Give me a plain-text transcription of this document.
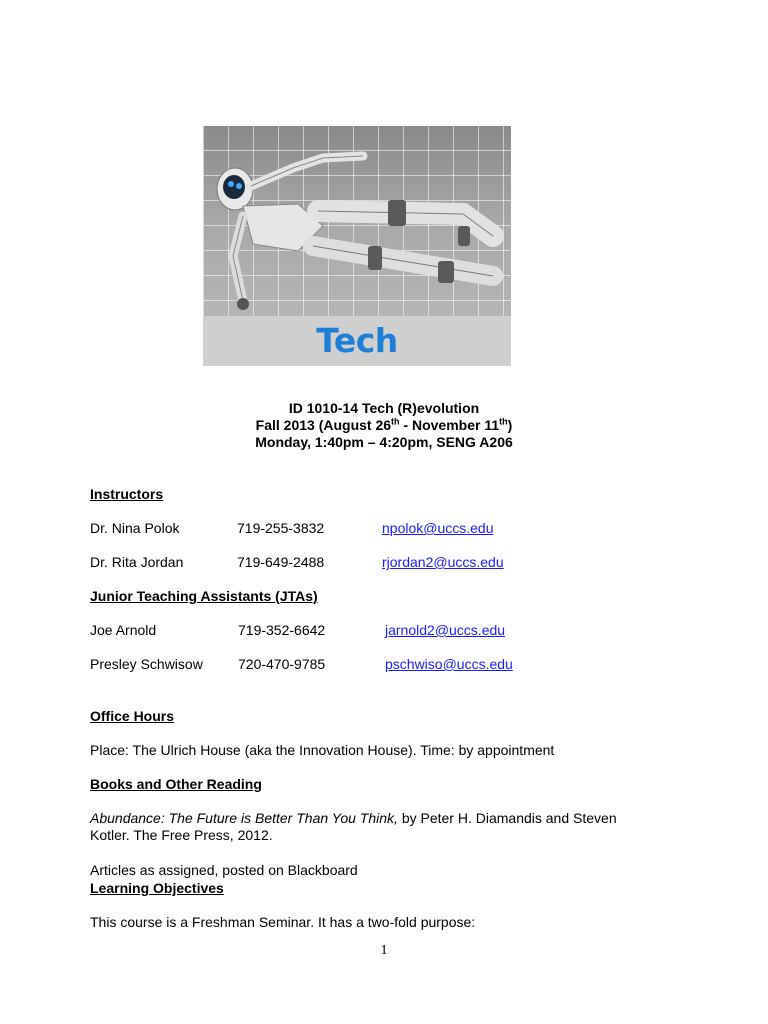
Tech
ID 1010-14 Tech (R)evolution
Fall 2013 (August 26th - November 11th)
Monday, 1:40pm – 4:20pm, SENG A206
Instructors
Dr. Nina Polok	719-255-3832	npolok@uccs.edu
Dr. Rita Jordan	719-649-2488	rjordan2@uccs.edu
Junior Teaching Assistants (JTAs)
Joe Arnold	719-352-6642	jarnold2@uccs.edu
Presley Schwisow	720-470-9785	pschwiso@uccs.edu
Office Hours
Place: The Ulrich House (aka the Innovation House). Time: by appointment
Books and Other Reading
Abundance: The Future is Better Than You Think, by Peter H. Diamandis and Steven
Kotler. The Free Press, 2012.
Articles as assigned, posted on Blackboard
Learning Objectives
This course is a Freshman Seminar. It has a two-fold purpose:
1
